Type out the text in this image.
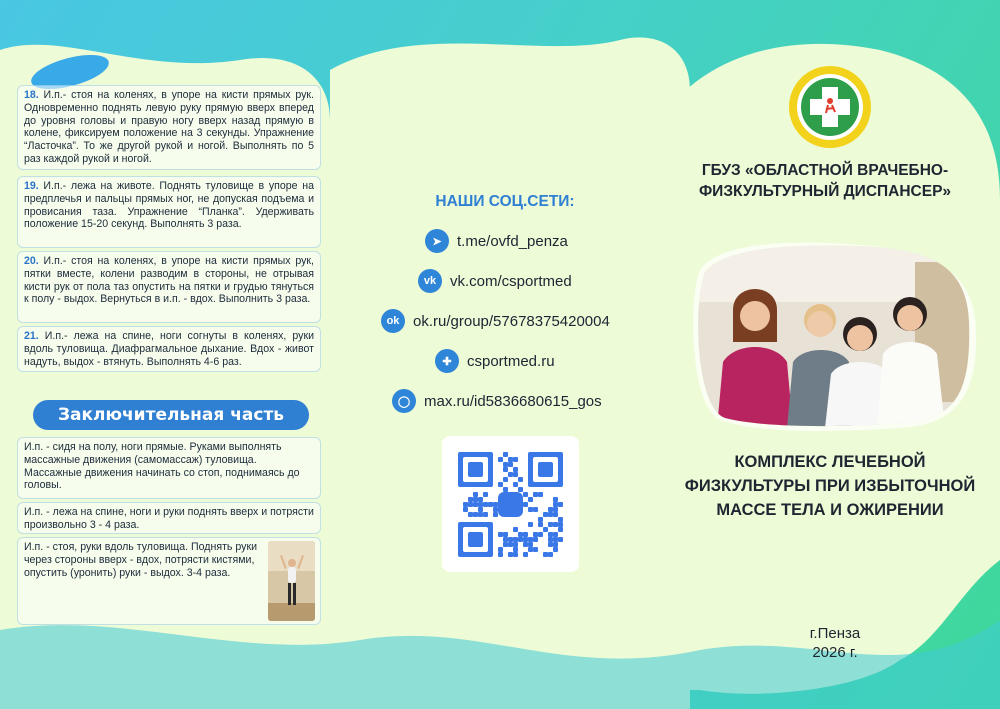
18. И.п.- стоя на коленях, в упоре на кисти прямых рук. Одновременно поднять левую руку прямую вверх вперед до уровня головы и правую ногу вверх назад прямую в колене, фиксируем положение на 3 секунды. Упражнение “Ласточка”. То же другой рукой и ногой. Выполнять по 5 раз каждой рукой и ногой.
19. И.п.- лежа на животе. Поднять туловище в упоре на предплечья и пальцы прямых ног, не допуская подъема и провисания таза. Упражнение “Планка”. Удерживать положение 15-20 секунд. Выполнять 3 раза.
20. И.п.- стоя на коленях, в упоре на кисти прямых рук, пятки вместе, колени разводим в стороны, не отрывая кисти рук от пола таз опустить на пятки и грудью тянуться к полу - выдох. Вернуться в и.п. - вдох. Выполнить 3 раза.
21. И.п.- лежа на спине, ноги согнуты в коленях, руки вдоль туловища. Диафрагмальное дыхание. Вдох - живот надуть, выдох - втянуть. Выполнять 4-6 раз.
Заключительная часть
И.п. - сидя на полу, ноги прямые. Руками выполнять массажные движения (самомассаж) туловища. Массажные движения начинать со стоп, поднимаясь до головы.
И.п. - лежа на спине, ноги и руки поднять вверх и потрясти произвольно 3 - 4 раза.
И.п. - стоя, руки вдоль туловища. Поднять руки через стороны вверх - вдох, потрясти кистями, опустить (уронить) руки - выдох. 3-4 раза.
НАШИ СОЦ.СЕТИ:
➤	t.me/ovfd_penza
vk vk.com/csportmed
ok ok.ru/group/57678375420004
✚	csportmed.ru
◯ max.ru/id5836680615_gos
ГБУЗ «ОБЛАСТНОЙ ВРАЧЕБНО-ФИЗКУЛЬТУРНЫЙ ДИСПАНСЕР»
КОМПЛЕКС ЛЕЧЕБНОЙ ФИЗКУЛЬТУРЫ ПРИ ИЗБЫТОЧНОЙ МАССЕ ТЕЛА И ОЖИРЕНИИ
г.Пенза
2026 г.
